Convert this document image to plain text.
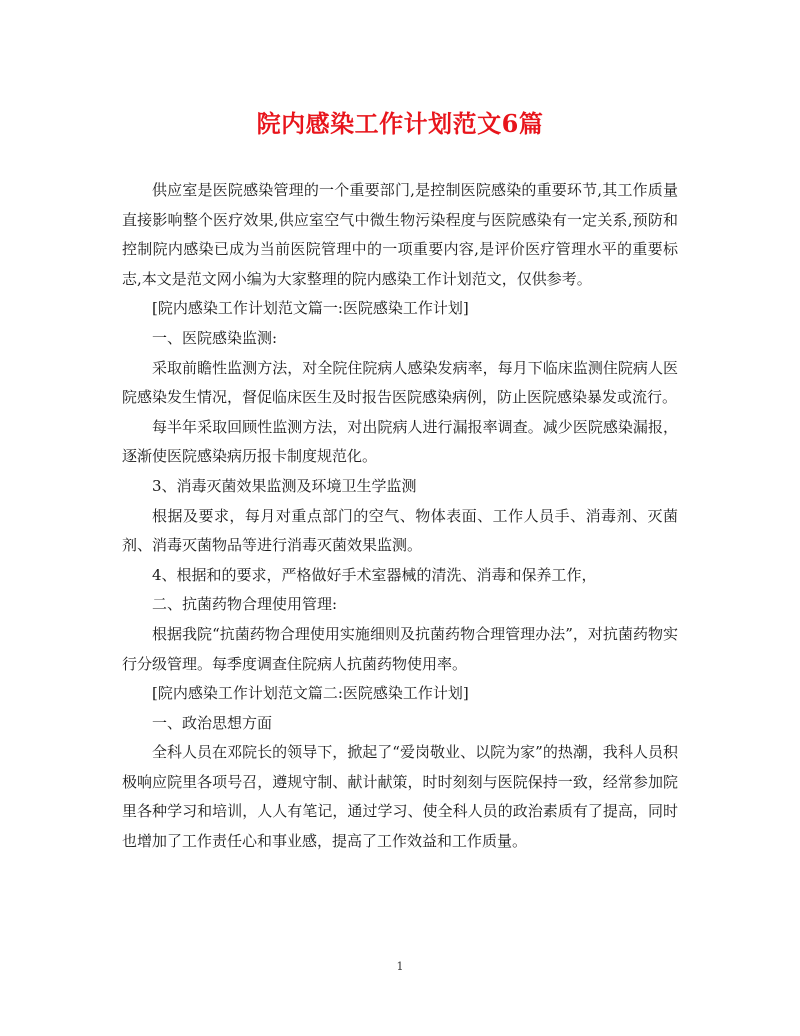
院内感染工作计划范文6篇

供应室是医院感染管理的一个重要部门,是控制医院感染的重要环节,其工作质量直接影响整个医疗效果,供应室空气中微生物污染程度与医院感染有一定关系,预防和控制院内感染已成为当前医院管理中的一项重要内容,是评价医疗管理水平的重要标志,本文是范文网小编为大家整理的院内感染工作计划范文，仅供参考。

[院内感染工作计划范文篇一:医院感染工作计划]

一、医院感染监测:

采取前瞻性监测方法，对全院住院病人感染发病率，每月下临床监测住院病人医院感染发生情况，督促临床医生及时报告医院感染病例，防止医院感染暴发或流行。

每半年采取回顾性监测方法，对出院病人进行漏报率调查。减少医院感染漏报，逐渐使医院感染病历报卡制度规范化。

3、消毒灭菌效果监测及环境卫生学监测

根据及要求，每月对重点部门的空气、物体表面、工作人员手、消毒剂、灭菌剂、消毒灭菌物品等进行消毒灭菌效果监测。

4、根据和的要求，严格做好手术室器械的清洗、消毒和保养工作，

二、抗菌药物合理使用管理:

根据我院“抗菌药物合理使用实施细则及抗菌药物合理管理办法”，对抗菌药物实行分级管理。每季度调查住院病人抗菌药物使用率。

[院内感染工作计划范文篇二:医院感染工作计划]

一、政治思想方面

全科人员在邓院长的领导下，掀起了“爱岗敬业、以院为家”的热潮，我科人员积极响应院里各项号召，遵规守制、献计献策，时时刻刻与医院保持一致，经常参加院里各种学习和培训，人人有笔记，通过学习、使全科人员的政治素质有了提高，同时也增加了工作责任心和事业感，提高了工作效益和工作质量。

1
